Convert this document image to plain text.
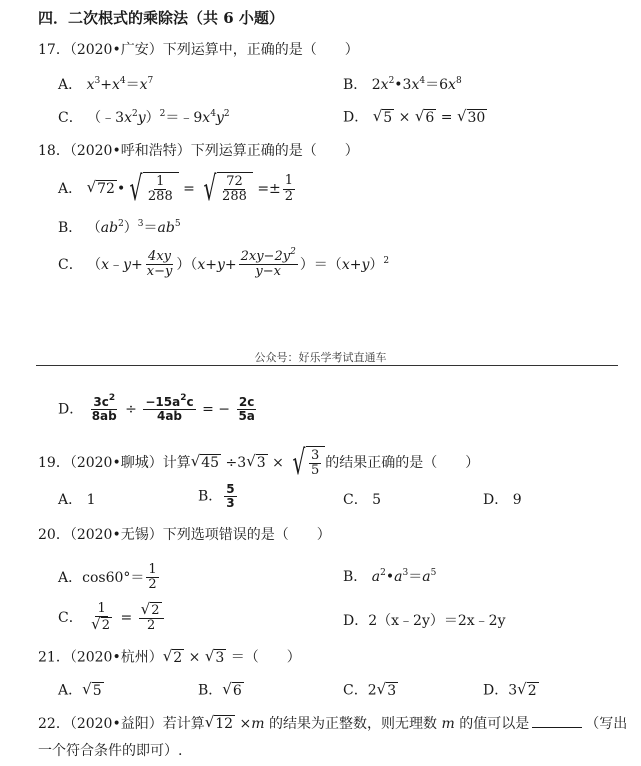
四．二次根式的乘除法（共 6 小题）
17．（2020•广安）下列运算中，正确的是（　　）
A． $x^3+x^4=x^7$	B． $2x^2•3x^4=6x^8$
C． $(﹣3x^2y)^2=﹣9x^4y^2$	D． √ 5 × √ 6 = √ 30
18．（2020•呼和浩特）下列运算正确的是（　　）
A． √ 72 • √ $\frac{1}{288}$ = √ $\frac{72}{288} =\pm \frac{1}{2}$
B． $(ab^2)^3=ab^5$
C． （x﹣y+ $\frac{4xy}{x-y} )(x+y+ \frac{2xy-2y^2}{y-x} )=(x+y)^2$
公众号：好乐学考试直通车
D． $\frac{3c^2}{8ab} \div \frac{-15a^2c}{4ab}$ = − $\frac{2c}{5a}$
19．（2020•聊城）计算 √ 45 ÷3 √ 3 × √ $\frac{3}{5}$ 的结果正确的是（　　）
A． 1	B． $\frac{5}{3}$	C． 5	D． 9
20．（2020•无锡）下列选项错误的是（　　）
A．$\cos 60^\circ= \frac{1}{2}$	B． $a^2•a^3=a^5$
C． $\frac{1}{√ 2} = \frac{√ 2}{2}$	D．2（x﹣2y）＝2x﹣2y
21．（2020•杭州） √ 2 × √ 3 ＝（　　）
A． √ 5	B． √ 6	C．2 √ 3	D．3 √ 2
22．（2020•益阳）若计算 √ 12 ×m 的结果为正整数，则无理数 m 的值可以是	（写出
一个符合条件的即可）.
